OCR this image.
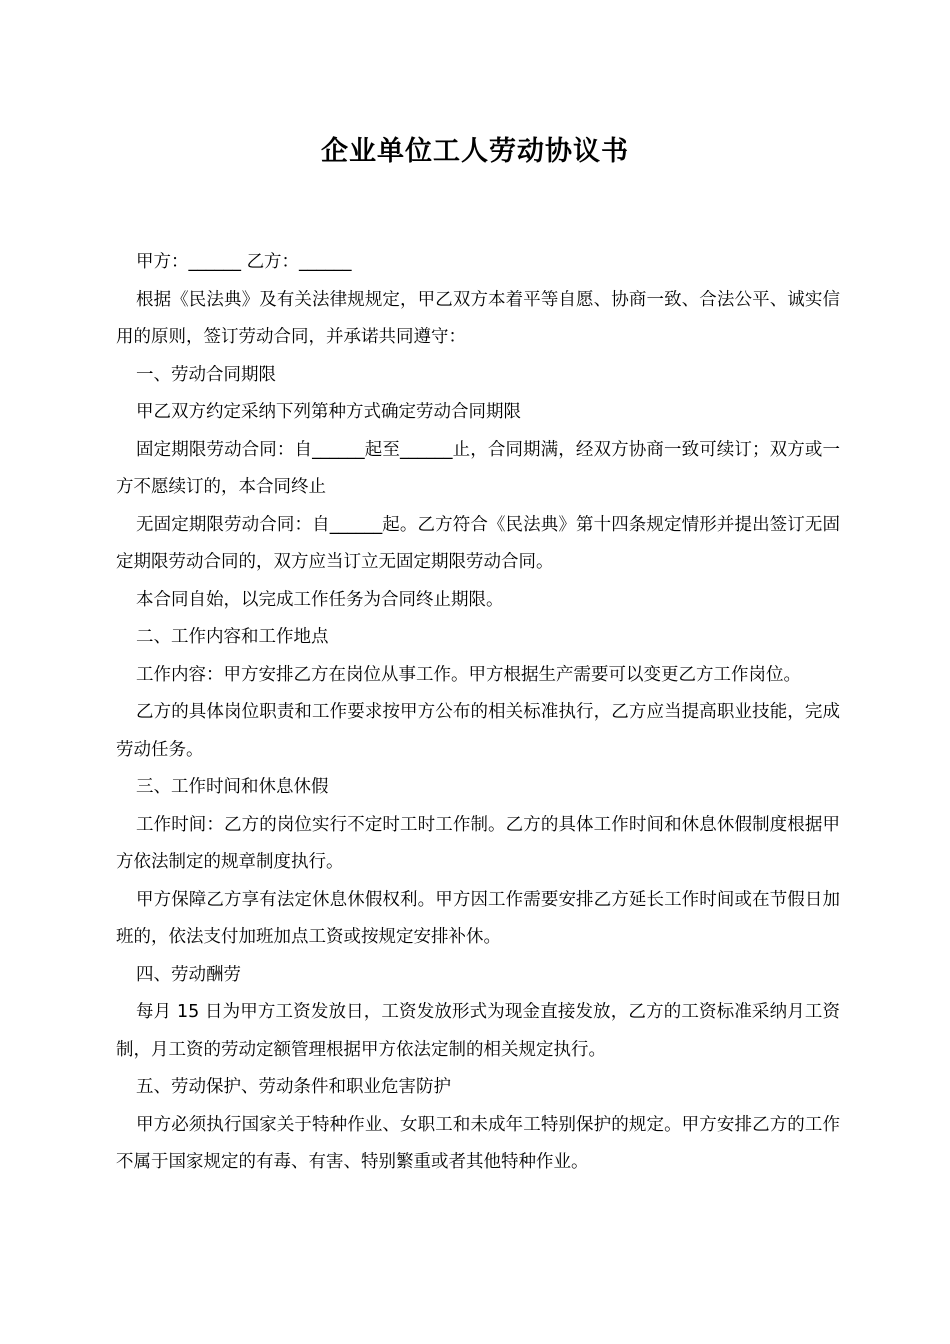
企业单位工人劳动协议书

甲方：______ 乙方：______

根据《民法典》及有关法律规规定，甲乙双方本着平等自愿、协商一致、合法公平、诚实信用的原则，签订劳动合同，并承诺共同遵守：

一、劳动合同期限

甲乙双方约定采纳下列第种方式确定劳动合同期限

固定期限劳动合同：自______起至______止，合同期满，经双方协商一致可续订；双方或一方不愿续订的，本合同终止

无固定期限劳动合同：自______起。乙方符合《民法典》第十四条规定情形并提出签订无固定期限劳动合同的，双方应当订立无固定期限劳动合同。

本合同自始，以完成工作任务为合同终止期限。

二、工作内容和工作地点

工作内容：甲方安排乙方在岗位从事工作。甲方根据生产需要可以变更乙方工作岗位。

乙方的具体岗位职责和工作要求按甲方公布的相关标准执行，乙方应当提高职业技能，完成劳动任务。

三、工作时间和休息休假

工作时间：乙方的岗位实行不定时工时工作制。乙方的具体工作时间和休息休假制度根据甲方依法制定的规章制度执行。

甲方保障乙方享有法定休息休假权利。甲方因工作需要安排乙方延长工作时间或在节假日加班的，依法支付加班加点工资或按规定安排补休。

四、劳动酬劳

每月 15 日为甲方工资发放日，工资发放形式为现金直接发放，乙方的工资标准采纳月工资制，月工资的劳动定额管理根据甲方依法定制的相关规定执行。

五、劳动保护、劳动条件和职业危害防护

甲方必须执行国家关于特种作业、女职工和未成年工特别保护的规定。甲方安排乙方的工作不属于国家规定的有毒、有害、特别繁重或者其他特种作业。
